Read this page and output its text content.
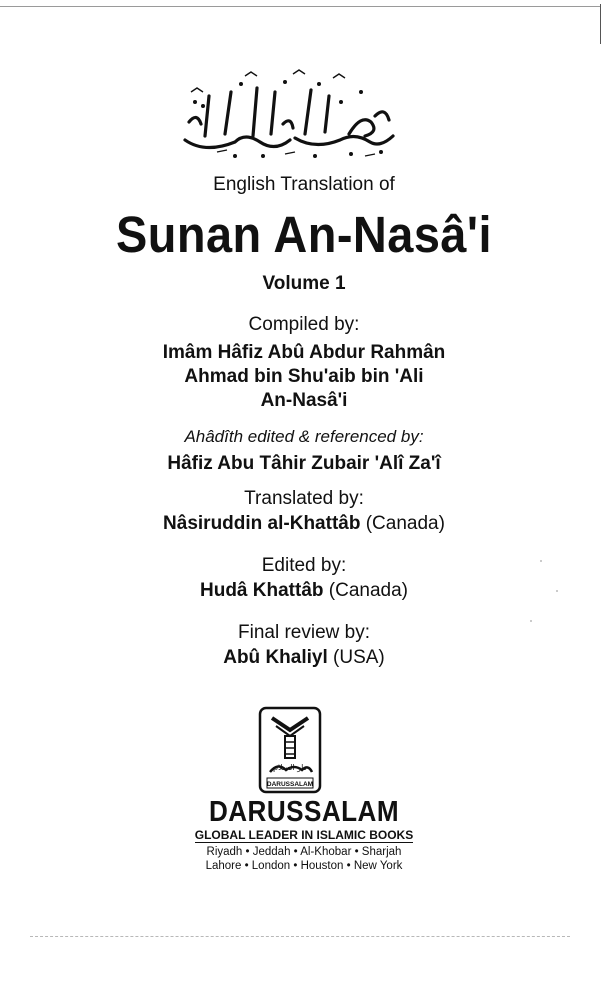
English Translation of
Sunan An-Nasâ'i
Volume 1
Compiled by:
Imâm Hâfiz Abû Abdur Rahmân
Ahmad bin Shu'aib bin 'Ali
An-Nasâ'i
Ahâdîth edited & referenced by:
Hâfiz Abu Tâhir Zubair 'Alî Za'î
Translated by:
Nâsiruddin al-Khattâb (Canada)
Edited by:
Hudâ Khattâb (Canada)
Final review by:
Abû Khaliyl (USA)
دار السلام
DARUSSALAM
DARUSSALAM
GLOBAL LEADER IN ISLAMIC BOOKS
Riyadh • Jeddah • Al-Khobar • Sharjah
Lahore • London • Houston • New York
